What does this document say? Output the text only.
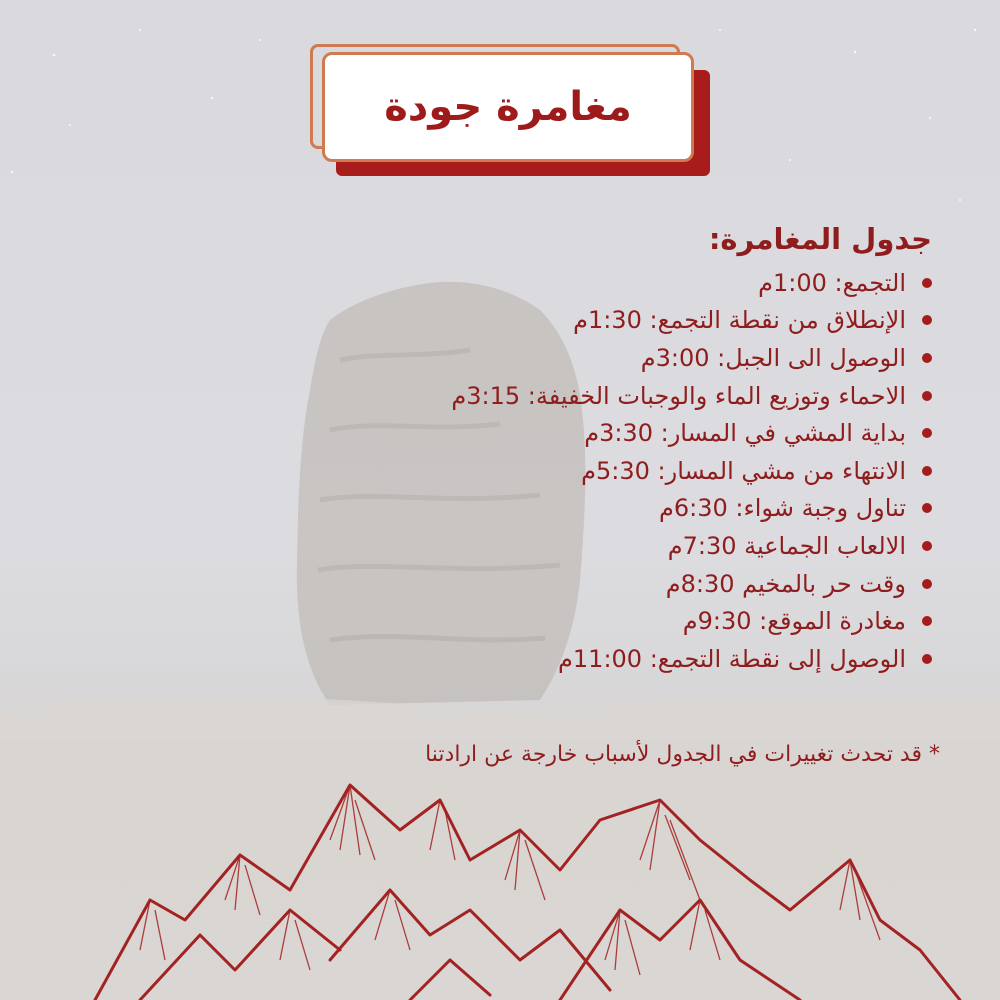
مغامرة جودة
جدول المغامرة:
التجمع: 1:00م
الإنطلاق من نقطة التجمع: 1:30م
الوصول الى الجبل: 3:00م
الاحماء وتوزيع الماء والوجبات الخفيفة: 3:15م
بداية المشي في المسار: 3:30م
الانتهاء من مشي المسار: 5:30م
تناول وجبة شواء: 6:30م
الالعاب الجماعية 7:30م
وقت حر بالمخيم 8:30م
مغادرة الموقع: 9:30م
الوصول إلى نقطة التجمع: 11:00م
* قد تحدث تغييرات في الجدول لأسباب خارجة عن ارادتنا
